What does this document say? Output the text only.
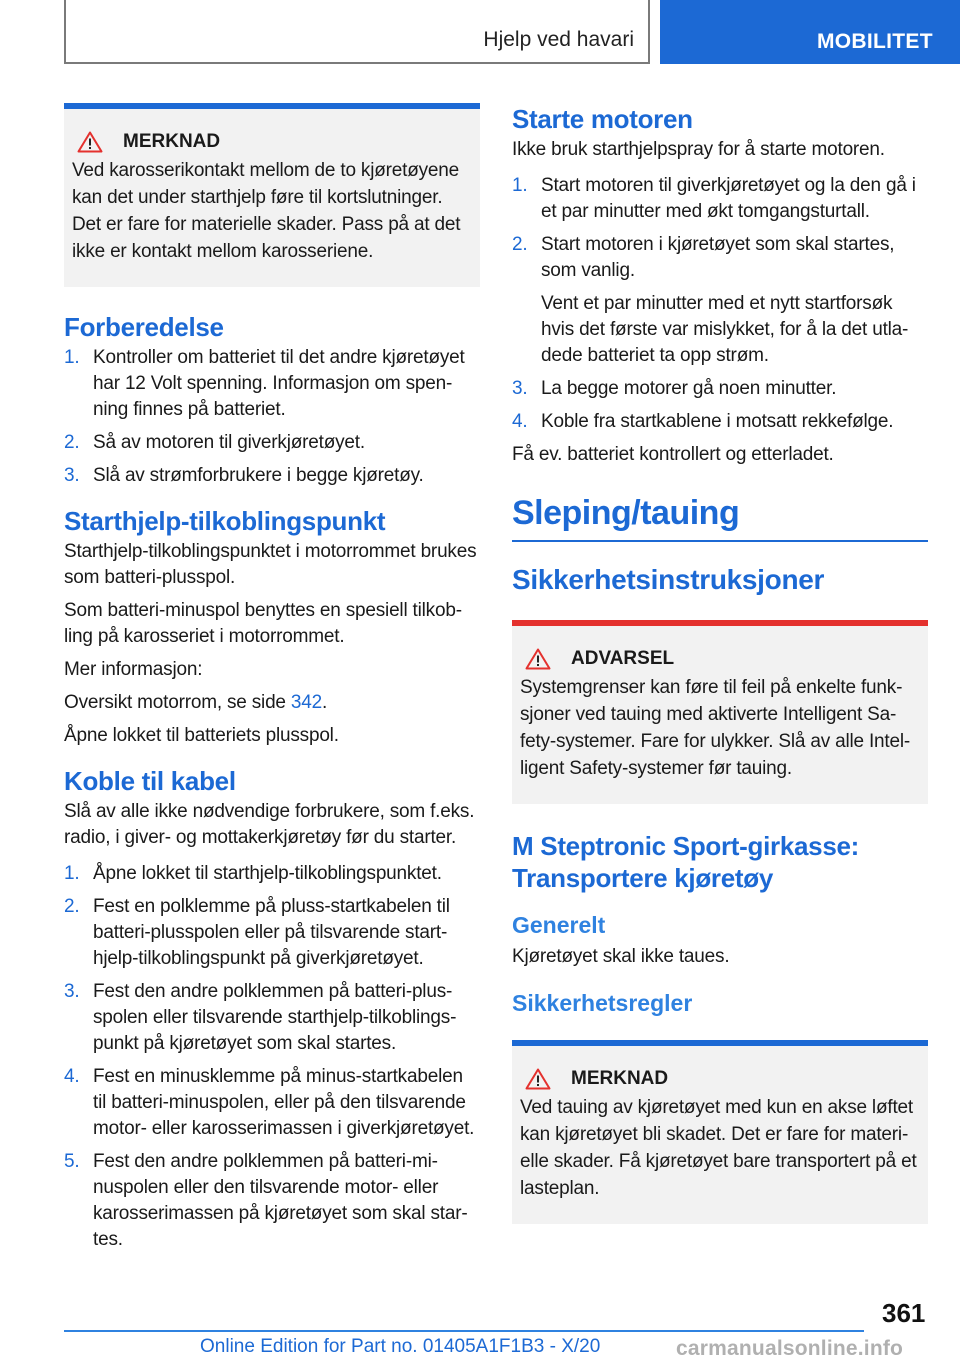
Hjelp ved havari	MOBILITET
MERKNAD
Ved karosserikontakt mellom de to kjøretøyene kan det under starthjelp føre til kortslutninger. Det er fare for materielle skader. Pass på at det ikke er kontakt mellom karosseriene.
Forberedelse
1. Kontroller om batteriet til det andre kjøretøyet har 12 Volt spenning. Informasjon om spenning finnes på batteriet.
2. Så av motoren til giverkjøretøyet.
3. Slå av strømforbrukere i begge kjøretøy.
Starthjelp-tilkoblingspunkt

Starthjelp-tilkoblingspunktet i motorrommet brukes som batteri-plusspol.

Som batteri-minuspol benyttes en spesiell tilkobling på karosseriet i motorrommet.

Mer informasjon:

Oversikt motorrom, se side 342.

Åpne lokket til batteriets plusspol.

Koble til kabel

Slå av alle ikke nødvendige forbrukere, som f.eks. radio, i giver- og mottakerkjøretøy før du starter.

1. Åpne lokket til starthjelp-tilkoblingspunktet.
2. Fest en polklemme på pluss-startkabelen til batteri-plusspolen eller på tilsvarende starthjelp-tilkoblingspunkt på giverkjøretøyet.
3. Fest den andre polklemmen på batteri-plusspolen eller tilsvarende starthjelp-tilkoblingspunkt på kjøretøyet som skal startes.
4. Fest en minusklemme på minus-startkabelen til batteri-minuspolen, eller på den tilsvarende motor- eller karosserimassen i giverkjøretøyet.
5. Fest den andre polklemmen på batteri-minuspolen eller den tilsvarende motor- eller karosserimassen på kjøretøyet som skal startes.
Starte motoren

Ikke bruk starthjelpspray for å starte motoren.

1. Start motoren til giverkjøretøyet og la den gå i et par minutter med økt tomgangsturtall.
2. Start motoren i kjøretøyet som skal startes, som vanlig.

Vent et par minutter med et nytt startforsøk hvis det første var mislykket, for å la det utladede batteriet ta opp strøm.

3. La begge motorer gå noen minutter.
4. Koble fra startkablene i motsatt rekkefølge.

Få ev. batteriet kontrollert og etterladet.

Sleping/tauing
Sikkerhetsinstruksjoner
ADVARSEL
Systemgrenser kan føre til feil på enkelte funksjoner ved tauing med aktiverte Intelligent Safety-systemer. Fare for ulykker. Slå av alle Intelligent Safety-systemer før tauing.
M Steptronic Sport-girkasse: Transportere kjøretøy
Generelt

Kjøretøyet skal ikke taues.

Sikkerhetsregler
MERKNAD
Ved tauing av kjøretøyet med kun en akse løftet kan kjøretøyet bli skadet. Det er fare for materielle skader. Få kjøretøyet bare transportert på et lasteplan.
361
Online Edition for Part no. 01405A1F1B3 - X/20	carmanualsonline.info
